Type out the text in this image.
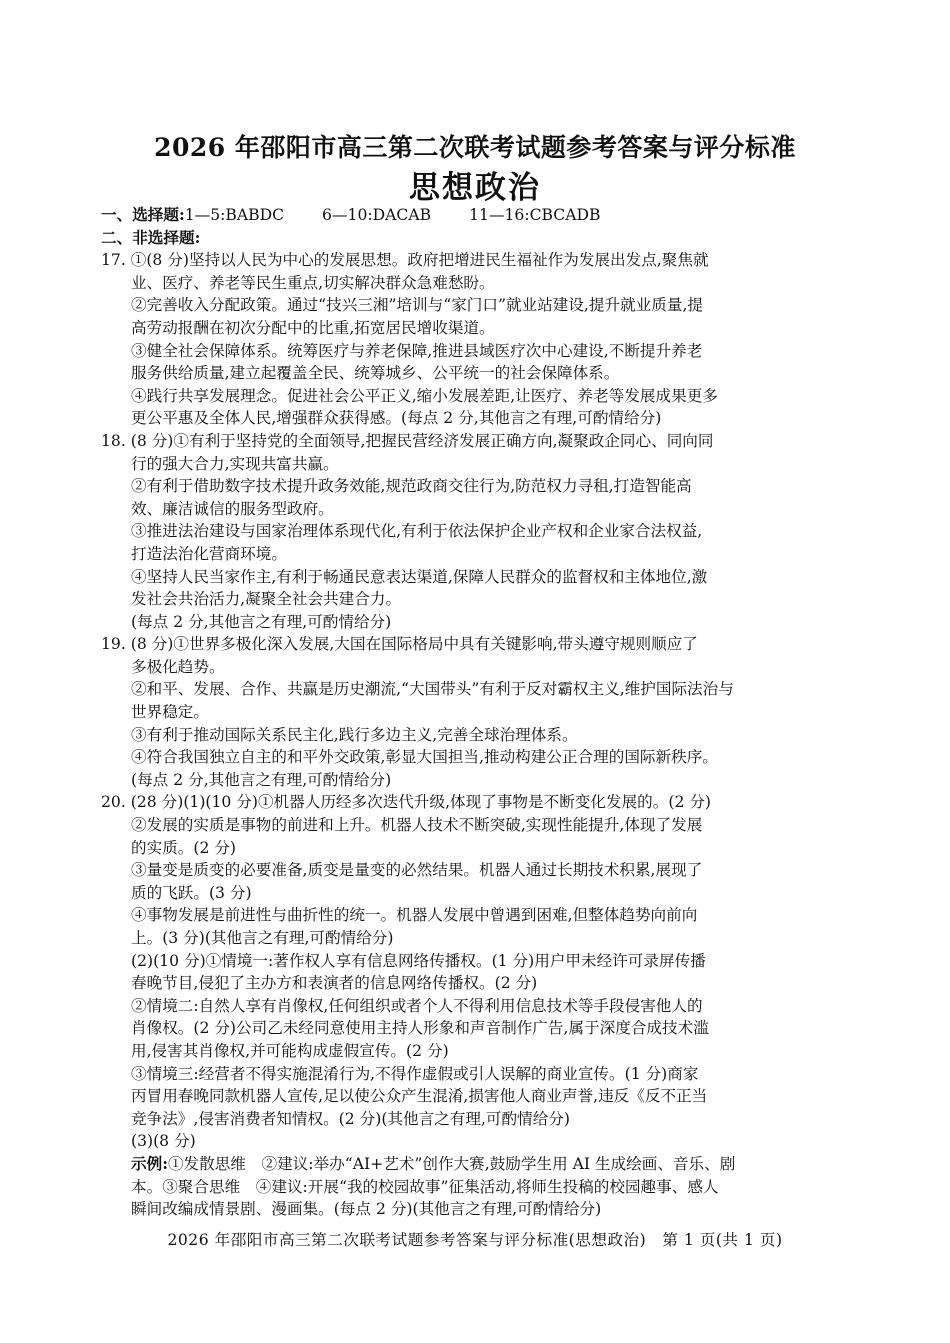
2026 年邵阳市高三第二次联考试题参考答案与评分标准
思想政治
一、选择题:1—5:BABDC 6—10:DACAB 11—16:CBCADB
二、非选择题:
17. ①(8 分)坚持以人民为中心的发展思想。政府把增进民生福祉作为发展出发点,聚焦就
业、医疗、养老等民生重点,切实解决群众急难愁盼。
②完善收入分配政策。通过“技兴三湘”培训与“家门口”就业站建设,提升就业质量,提
高劳动报酬在初次分配中的比重,拓宽居民增收渠道。
③健全社会保障体系。统筹医疗与养老保障,推进县域医疗次中心建设,不断提升养老
服务供给质量,建立起覆盖全民、统筹城乡、公平统一的社会保障体系。
④践行共享发展理念。促进社会公平正义,缩小发展差距,让医疗、养老等发展成果更多
更公平惠及全体人民,增强群众获得感。(每点 2 分,其他言之有理,可酌情给分)
18. (8 分)①有利于坚持党的全面领导,把握民营经济发展正确方向,凝聚政企同心、同向同
行的强大合力,实现共富共赢。
②有利于借助数字技术提升政务效能,规范政商交往行为,防范权力寻租,打造智能高
效、廉洁诚信的服务型政府。
③推进法治建设与国家治理体系现代化,有利于依法保护企业产权和企业家合法权益,
打造法治化营商环境。
④坚持人民当家作主,有利于畅通民意表达渠道,保障人民群众的监督权和主体地位,激
发社会共治活力,凝聚全社会共建合力。
(每点 2 分,其他言之有理,可酌情给分)
19. (8 分)①世界多极化深入发展,大国在国际格局中具有关键影响,带头遵守规则顺应了
多极化趋势。
②和平、发展、合作、共赢是历史潮流,“大国带头”有利于反对霸权主义,维护国际法治与
世界稳定。
③有利于推动国际关系民主化,践行多边主义,完善全球治理体系。
④符合我国独立自主的和平外交政策,彰显大国担当,推动构建公正合理的国际新秩序。
(每点 2 分,其他言之有理,可酌情给分)
20. (28 分)(1)(10 分)①机器人历经多次迭代升级,体现了事物是不断变化发展的。(2 分)
②发展的实质是事物的前进和上升。机器人技术不断突破,实现性能提升,体现了发展
的实质。(2 分)
③量变是质变的必要准备,质变是量变的必然结果。机器人通过长期技术积累,展现了
质的飞跃。(3 分)
④事物发展是前进性与曲折性的统一。机器人发展中曾遇到困难,但整体趋势向前向
上。(3 分)(其他言之有理,可酌情给分)
(2)(10 分)①情境一:著作权人享有信息网络传播权。(1 分)用户甲未经许可录屏传播
春晚节目,侵犯了主办方和表演者的信息网络传播权。(2 分)
②情境二:自然人享有肖像权,任何组织或者个人不得利用信息技术等手段侵害他人的
肖像权。(2 分)公司乙未经同意使用主持人形象和声音制作广告,属于深度合成技术滥
用,侵害其肖像权,并可能构成虚假宣传。(2 分)
③情境三:经营者不得实施混淆行为,不得作虚假或引人误解的商业宣传。(1 分)商家
丙冒用春晚同款机器人宣传,足以使公众产生混淆,损害他人商业声誉,违反《反不正当
竞争法》,侵害消费者知情权。(2 分)(其他言之有理,可酌情给分)
(3)(8 分)
示例:①发散思维　②建议:举办“AI+艺术”创作大赛,鼓励学生用 AI 生成绘画、音乐、剧
本。③聚合思维　④建议:开展“我的校园故事”征集活动,将师生投稿的校园趣事、感人
瞬间改编成情景剧、漫画集。(每点 2 分)(其他言之有理,可酌情给分)
2026 年邵阳市高三第二次联考试题参考答案与评分标准(思想政治)　第 1 页(共 1 页)
